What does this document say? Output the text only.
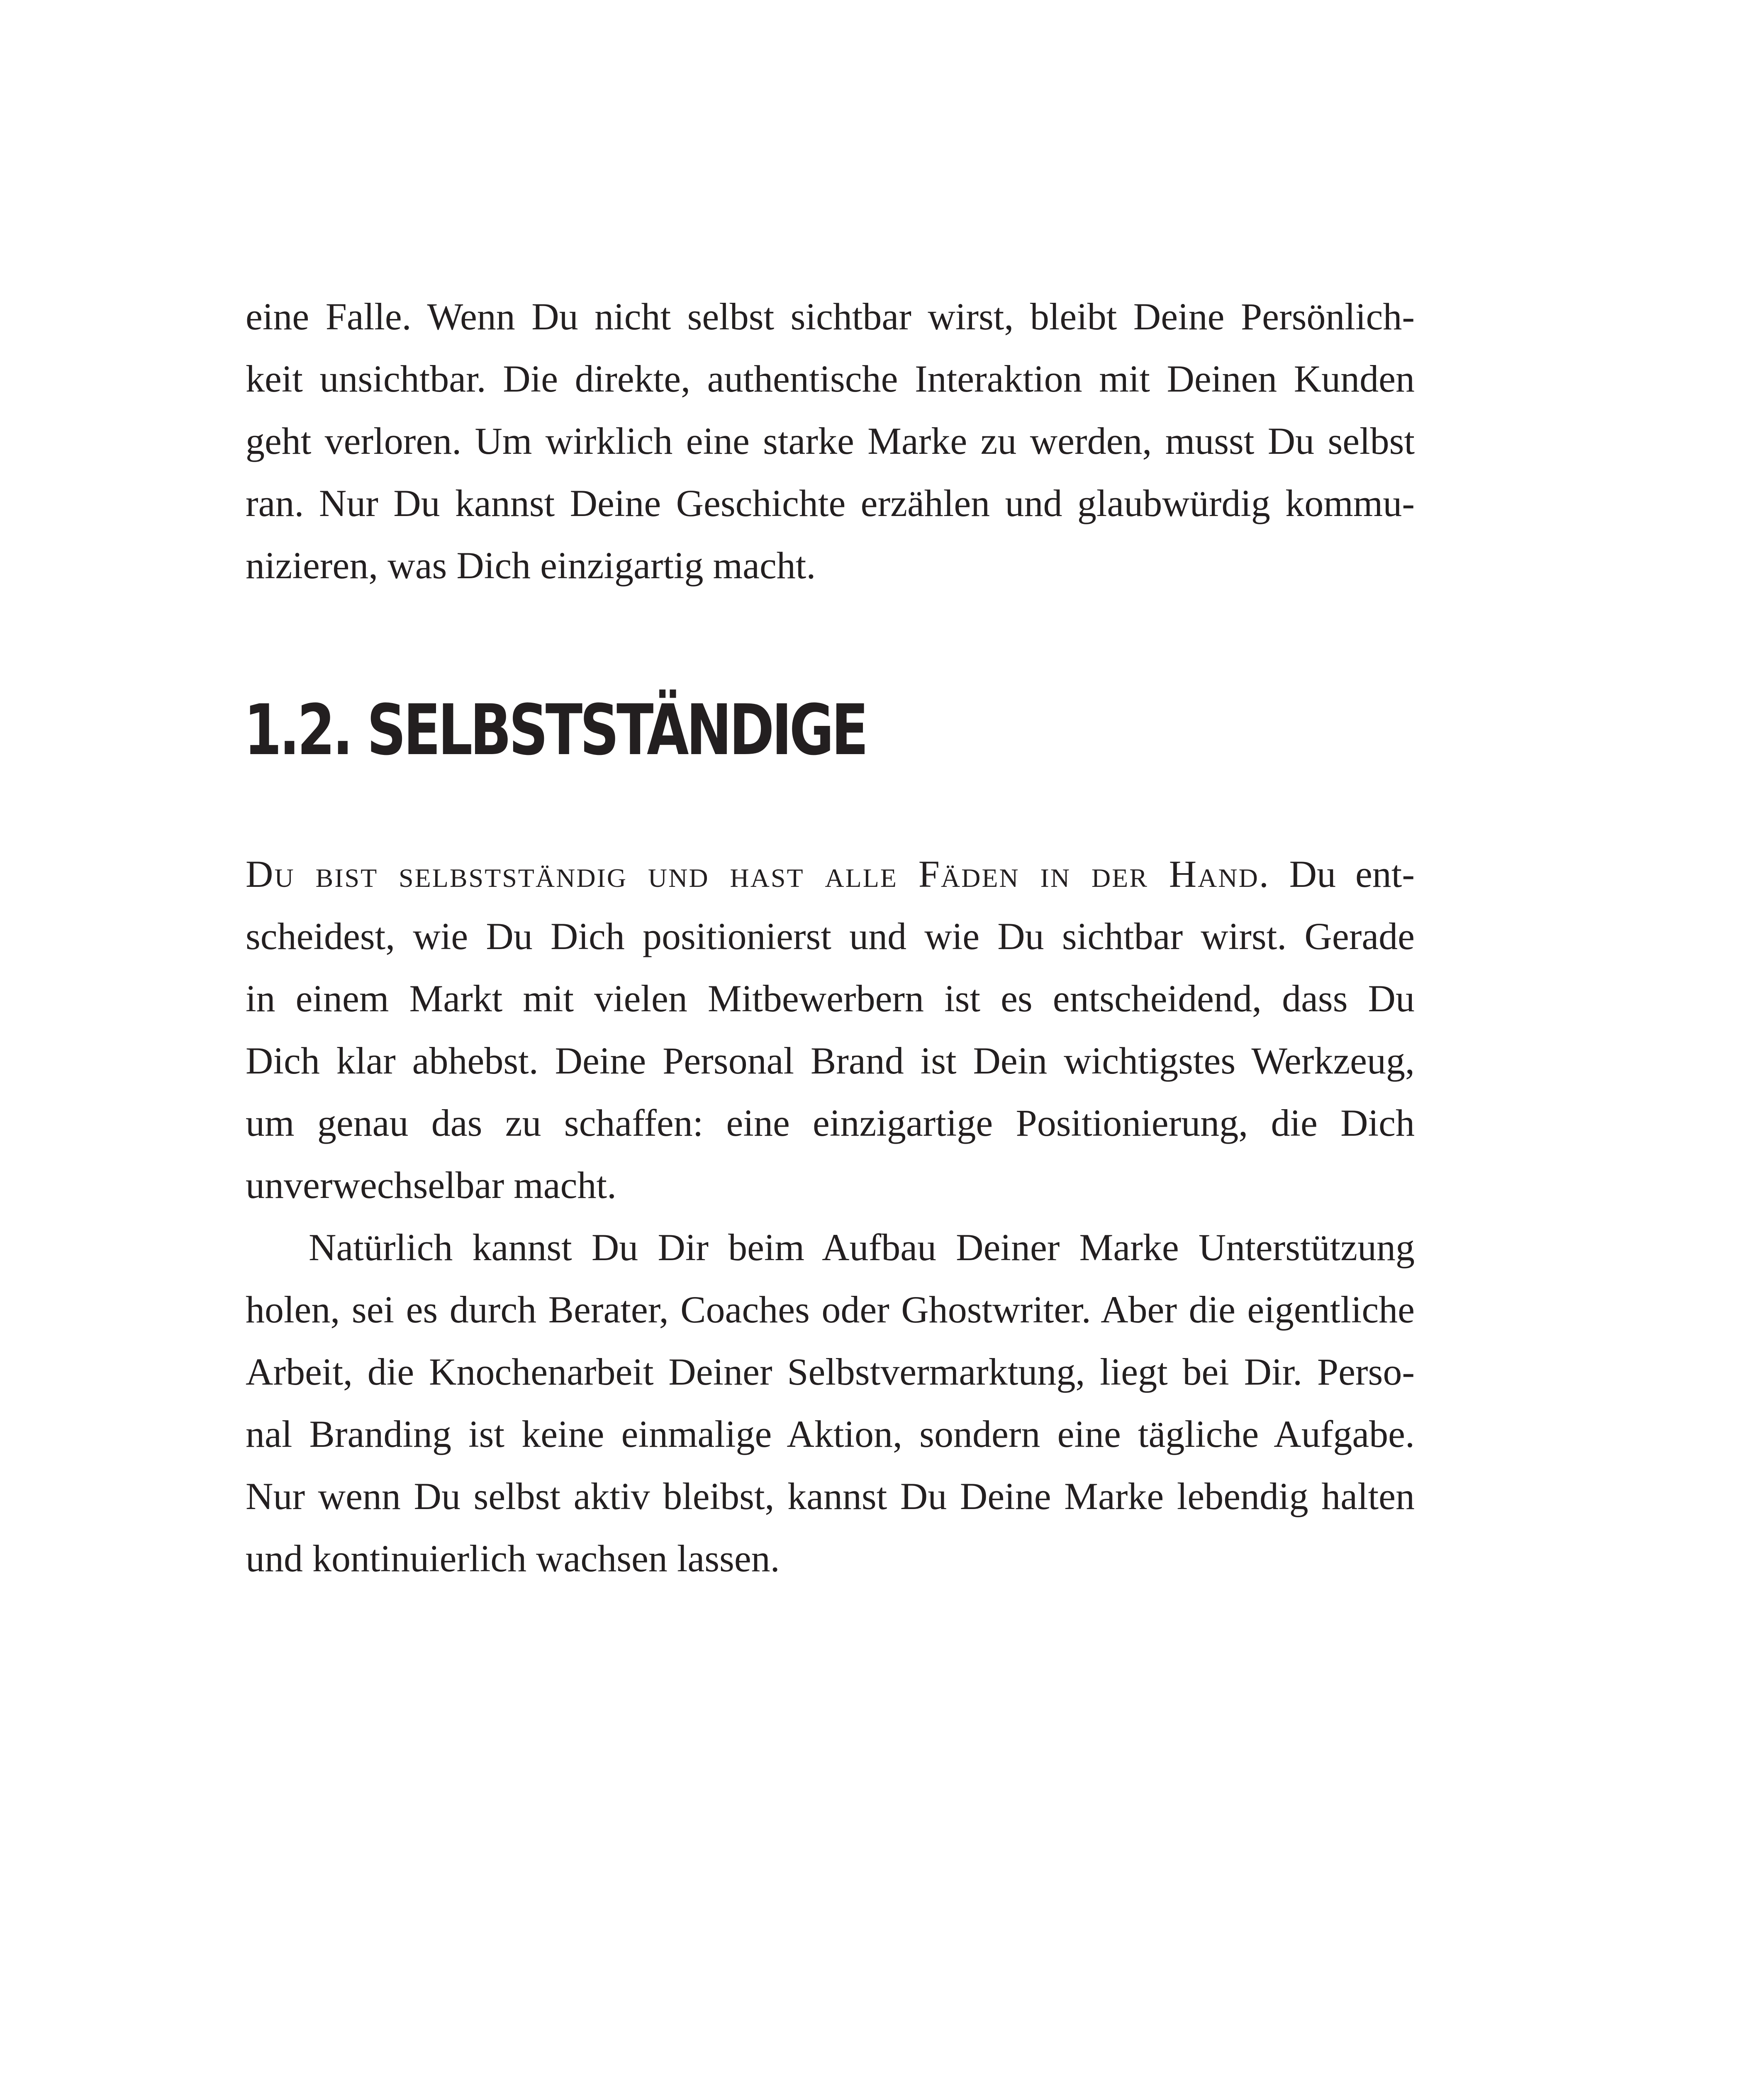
eine Falle. Wenn Du nicht selbst sichtbar wirst, bleibt Deine Persönlich-
keit unsichtbar. Die direkte, authentische Interaktion mit Deinen Kunden
geht verloren. Um wirklich eine starke Marke zu werden, musst Du selbst
ran. Nur Du kannst Deine Geschichte erzählen und glaubwürdig kommu-
nizieren, was Dich einzigartig macht.
1.2. SELBSTSTÄNDIGE
Du bist selbstständig und hast alle Fäden in der Hand. Du ent-
scheidest, wie Du Dich positionierst und wie Du sichtbar wirst. Gerade
in einem Markt mit vielen Mitbewerbern ist es entscheidend, dass Du
Dich klar abhebst. Deine Personal Brand ist Dein wichtigstes Werkzeug,
um genau das zu schaffen: eine einzigartige Positionierung, die Dich
unverwechselbar macht.
Natürlich kannst Du Dir beim Aufbau Deiner Marke Unterstützung
holen, sei es durch Berater, Coaches oder Ghostwriter. Aber die eigentliche
Arbeit, die Knochenarbeit Deiner Selbstvermarktung, liegt bei Dir. Perso-
nal Branding ist keine einmalige Aktion, sondern eine tägliche Aufgabe.
Nur wenn Du selbst aktiv bleibst, kannst Du Deine Marke lebendig halten
und kontinuierlich wachsen lassen.
